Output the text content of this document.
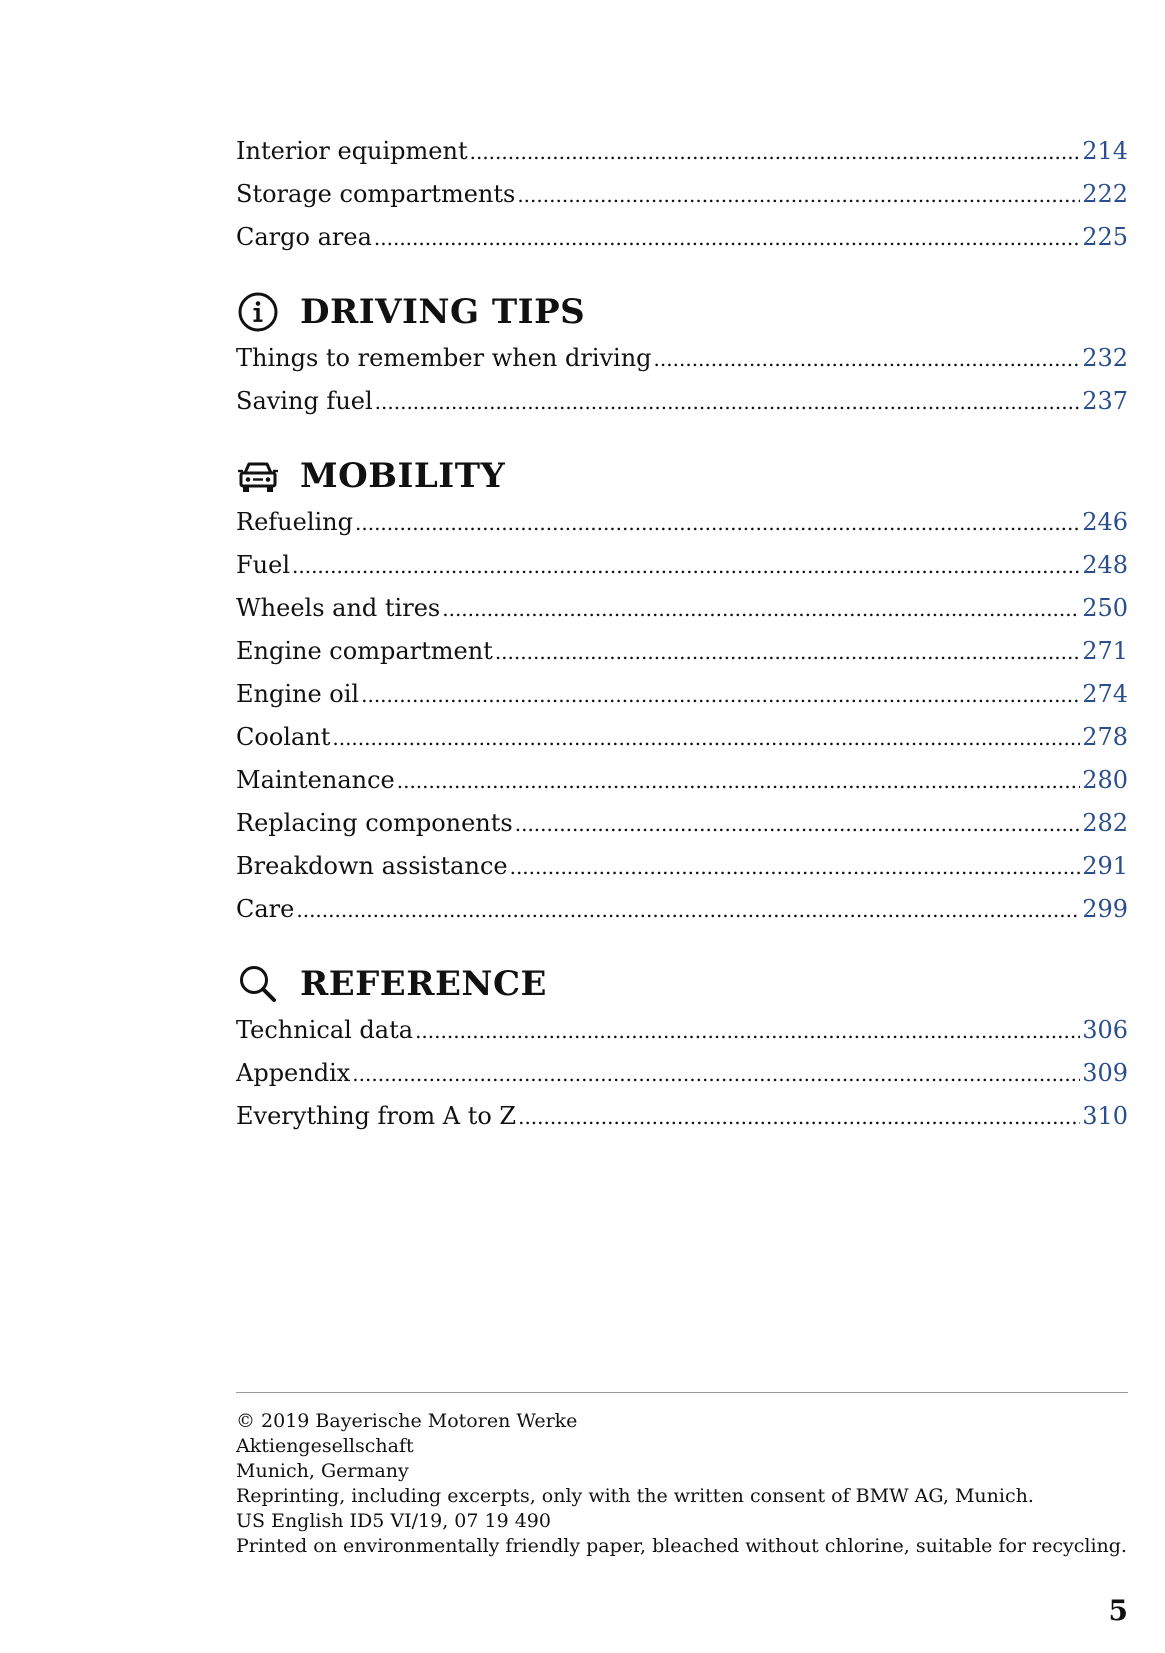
Interior equipment .....	214
Storage compartments .....	222
Cargo area .....	225
DRIVING TIPS
Things to remember when driving .....	232
Saving fuel .....	237
MOBILITY
Refueling .....	246
Fuel .....	248
Wheels and tires .....	250
Engine compartment .....	271
Engine oil .....	274
Coolant .....	278
Maintenance .....	280
Replacing components .....	282
Breakdown assistance .....	291
Care .....	299
REFERENCE
Technical data .....	306
Appendix .....	309
Everything from A to Z .....	310
© 2019 Bayerische Motoren Werke
Aktiengesellschaft
Munich, Germany
Reprinting, including excerpts, only with the written consent of BMW AG, Munich.
US English ID5 VI/19, 07 19 490
Printed on environmentally friendly paper, bleached without chlorine, suitable for recycling.
5
